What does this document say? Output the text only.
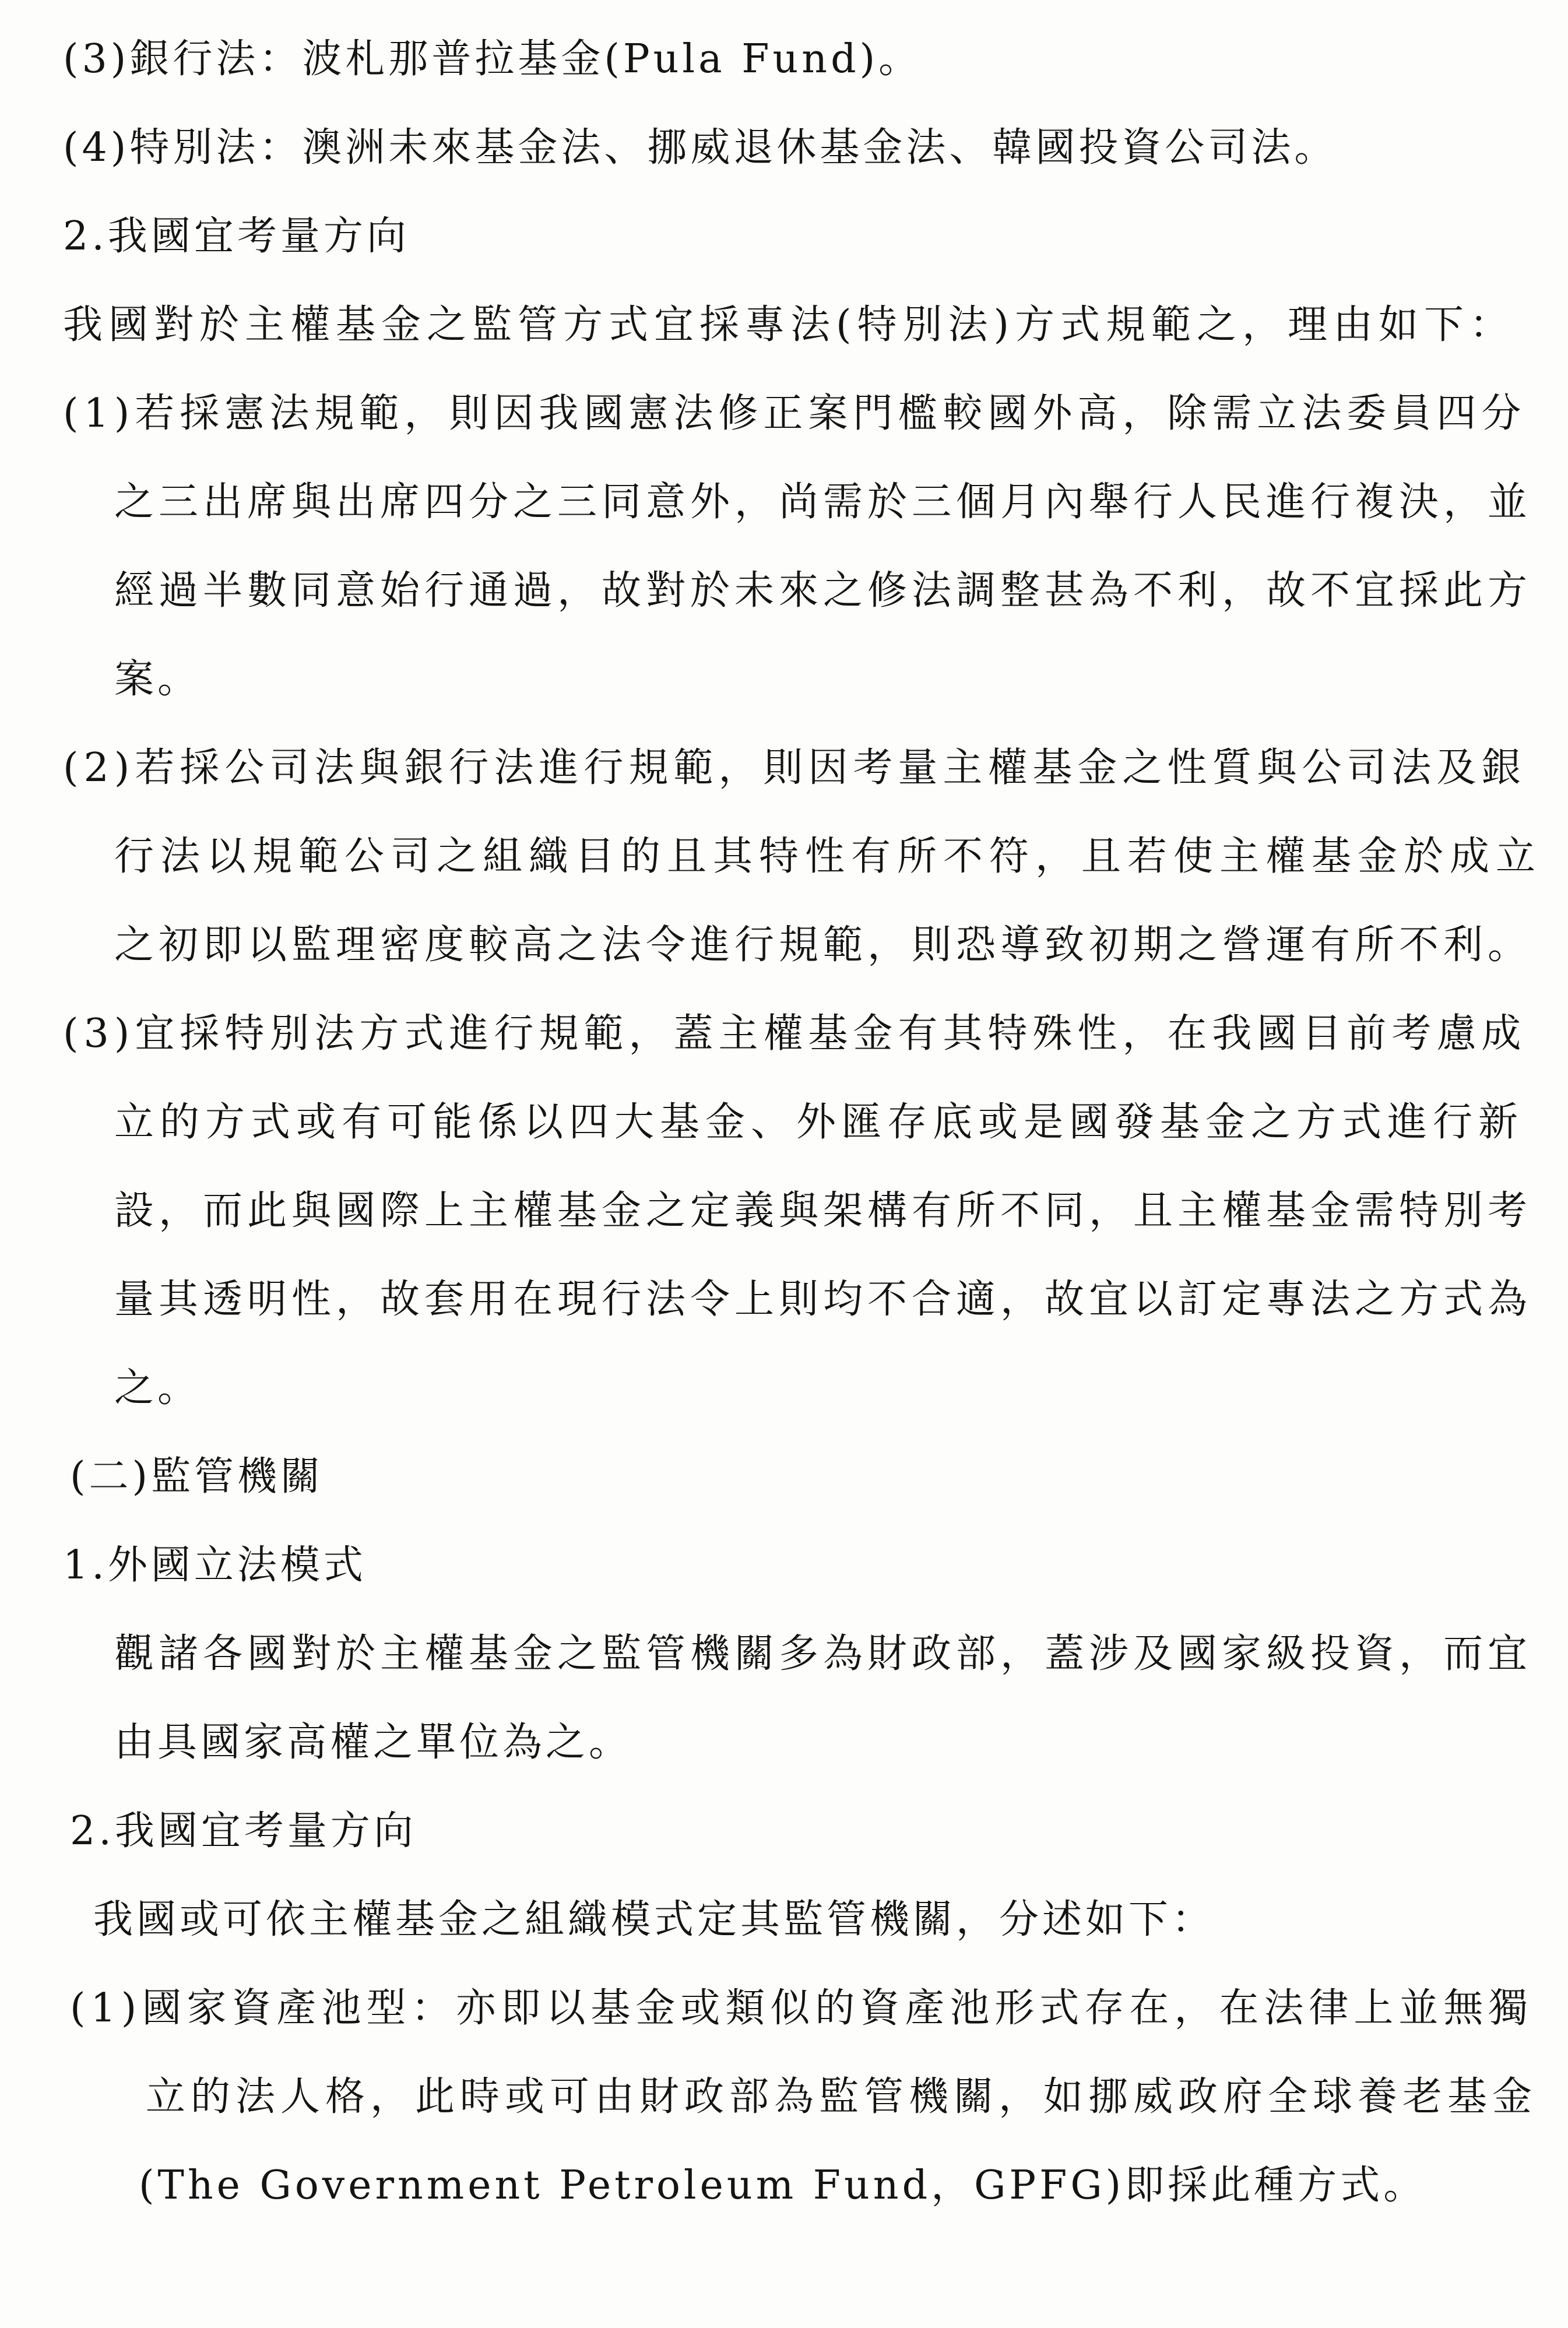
(3)銀行法：波札那普拉基金(Pula Fund)。
(4)特別法：澳洲未來基金法、挪威退休基金法、韓國投資公司法。
2.我國宜考量方向
我國對於主權基金之監管方式宜採專法(特別法)方式規範之，理由如下：
(1)若採憲法規範，則因我國憲法修正案門檻較國外高，除需立法委員四分
之三出席與出席四分之三同意外，尚需於三個月內舉行人民進行複決，並
經過半數同意始行通過，故對於未來之修法調整甚為不利，故不宜採此方
案。
(2)若採公司法與銀行法進行規範，則因考量主權基金之性質與公司法及銀
行法以規範公司之組織目的且其特性有所不符，且若使主權基金於成立
之初即以監理密度較高之法令進行規範，則恐導致初期之營運有所不利。
(3)宜採特別法方式進行規範，蓋主權基金有其特殊性，在我國目前考慮成
立的方式或有可能係以四大基金、外匯存底或是國發基金之方式進行新
設，而此與國際上主權基金之定義與架構有所不同，且主權基金需特別考
量其透明性，故套用在現行法令上則均不合適，故宜以訂定專法之方式為
之。
(二)監管機關
1.外國立法模式
觀諸各國對於主權基金之監管機關多為財政部，蓋涉及國家級投資，而宜
由具國家高權之單位為之。
2.我國宜考量方向
我國或可依主權基金之組織模式定其監管機關，分述如下：
(1)國家資產池型：亦即以基金或類似的資產池形式存在，在法律上並無獨
立的法人格，此時或可由財政部為監管機關，如挪威政府全球養老基金
(The Government Petroleum Fund，GPFG)即採此種方式。
